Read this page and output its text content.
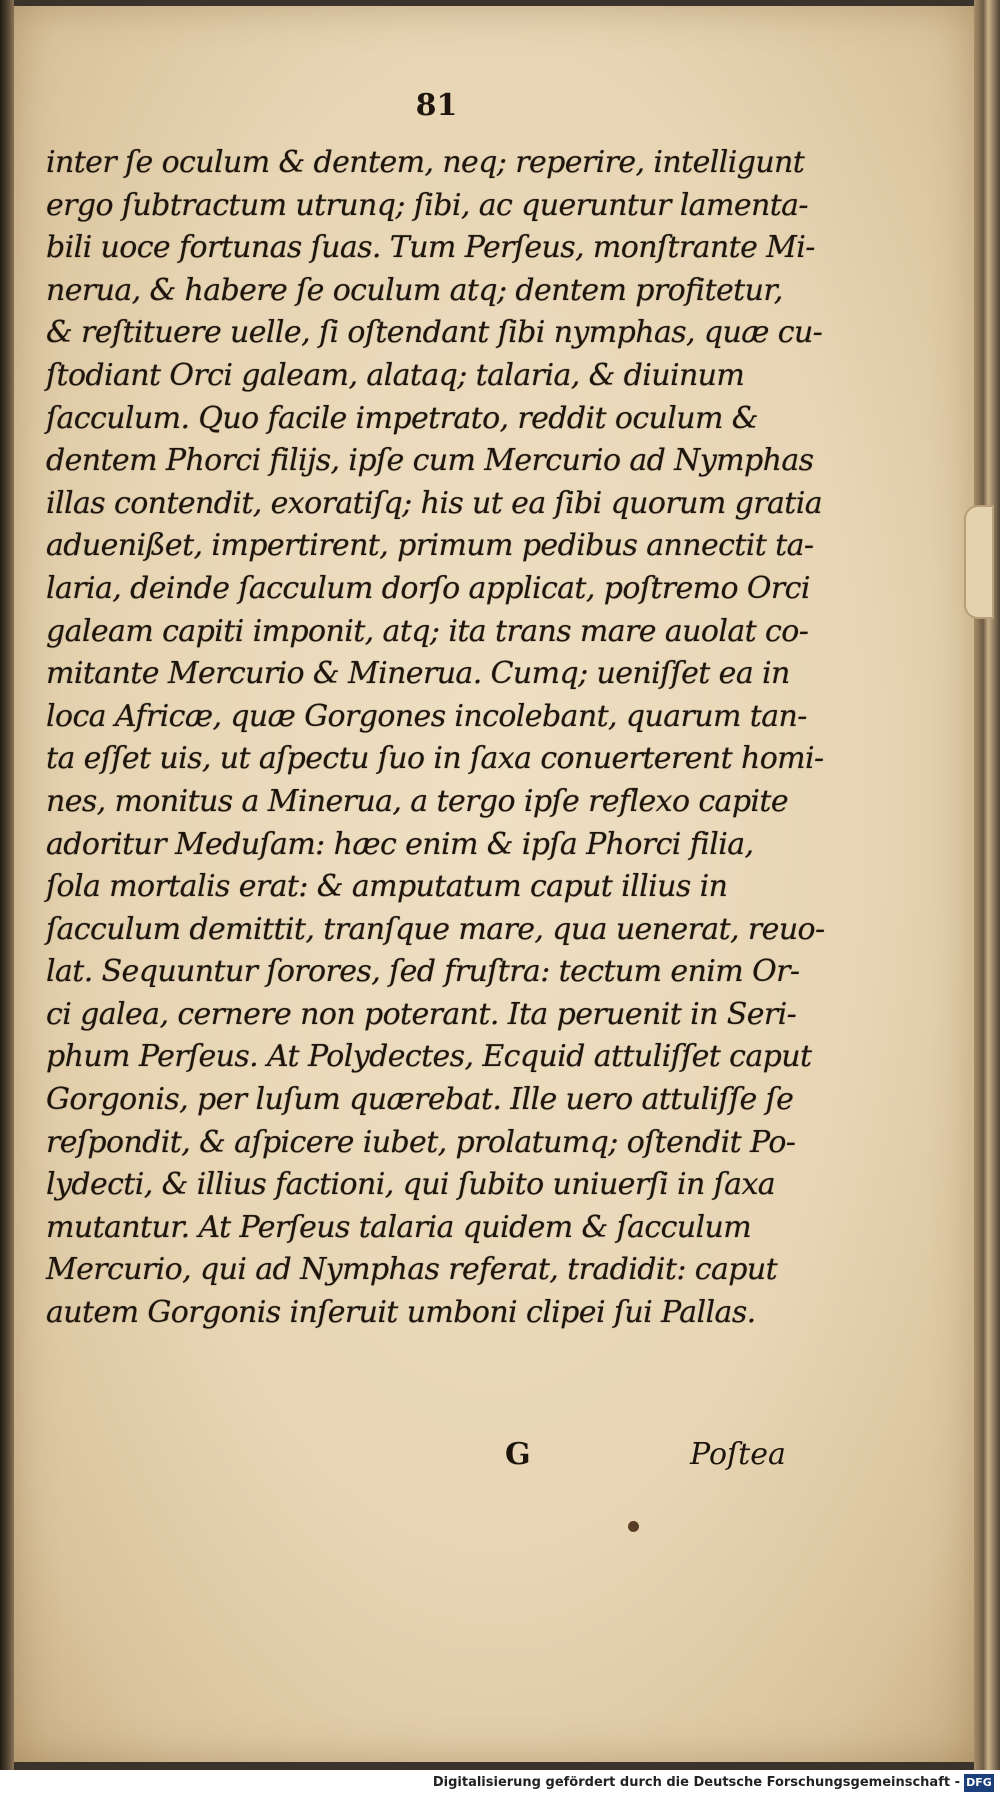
81
inter ſe oculum & dentem, neq; reperire, intelligunt
ergo ſubtractum utrunq; ſibi, ac queruntur lamenta-
bili uoce fortunas ſuas. Tum Perſeus, monſtrante Mi-
nerua, & habere ſe oculum atq; dentem profitetur,
& reſtituere uelle, ſi oſtendant ſibi nymphas, quæ cu-
ſtodiant Orci galeam, alataq; talaria, & diuinum
ſacculum. Quo facile impetrato, reddit oculum &
dentem Phorci filijs, ipſe cum Mercurio ad Nymphas
illas contendit, exoratiſq; his ut ea ſibi quorum gratia
aduenißet, impertirent, primum pedibus annectit ta-
laria, deinde ſacculum dorſo applicat, poſtremo Orci
galeam capiti imponit, atq; ita trans mare auolat co-
mitante Mercurio & Minerua. Cumq; ueniſſet ea in
loca Africæ, quæ Gorgones incolebant, quarum tan-
ta eſſet uis, ut aſpectu ſuo in ſaxa conuerterent homi-
nes, monitus a Minerua, a tergo ipſe reflexo capite
adoritur Meduſam: hæc enim & ipſa Phorci filia,
ſola mortalis erat: & amputatum caput illius in
ſacculum demittit, tranſque mare, qua uenerat, reuo-
lat. Sequuntur ſorores, ſed fruſtra: tectum enim Or-
ci galea, cernere non poterant. Ita peruenit in Seri-
phum Perſeus. At Polydectes, Ecquid attuliſſet caput
Gorgonis, per luſum quærebat. Ille uero attuliſſe ſe
reſpondit, & aſpicere iubet, prolatumq; oſtendit Po-
lydecti, & illius factioni, qui ſubito uniuerſi in ſaxa
mutantur. At Perſeus talaria quidem & ſacculum
Mercurio, qui ad Nymphas referat, tradidit: caput
autem Gorgonis inſeruit umboni clipei ſui Pallas.
G	Poſtea
Digitalisierung gefördert durch die Deutsche Forschungsgemeinschaft - DFG
